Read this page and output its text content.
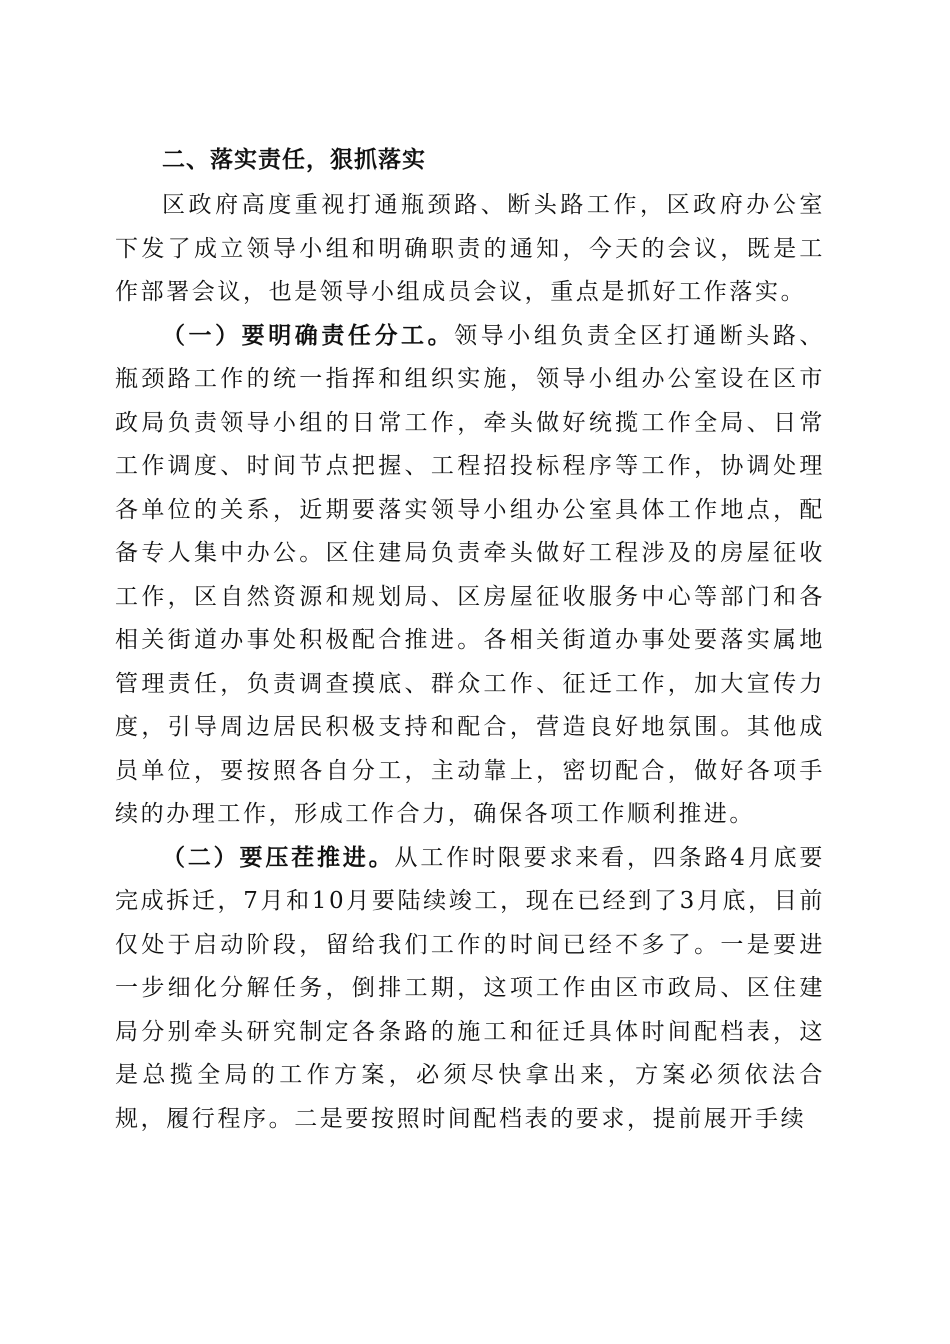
二、落实责任，狠抓落实

区政府高度重视打通瓶颈路、断头路工作，区政府办公室下发了成立领导小组和明确职责的通知，今天的会议，既是工作部署会议，也是领导小组成员会议，重点是抓好工作落实。

（一）要明确责任分工。领导小组负责全区打通断头路、瓶颈路工作的统一指挥和组织实施，领导小组办公室设在区市政局负责领导小组的日常工作，牵头做好统揽工作全局、日常工作调度、时间节点把握、工程招投标程序等工作，协调处理各单位的关系，近期要落实领导小组办公室具体工作地点，配备专人集中办公。区住建局负责牵头做好工程涉及的房屋征收工作，区自然资源和规划局、区房屋征收服务中心等部门和各相关街道办事处积极配合推进。各相关街道办事处要落实属地管理责任，负责调查摸底、群众工作、征迁工作，加大宣传力度，引导周边居民积极支持和配合，营造良好地氛围。其他成员单位，要按照各自分工，主动靠上，密切配合，做好各项手续的办理工作，形成工作合力，确保各项工作顺利推进。

（二）要压茬推进。从工作时限要求来看，四条路4月底要完成拆迁，7月和10月要陆续竣工，现在已经到了3月底，目前仅处于启动阶段，留给我们工作的时间已经不多了。一是要进一步细化分解任务，倒排工期，这项工作由区市政局、区住建局分别牵头研究制定各条路的施工和征迁具体时间配档表，这是总揽全局的工作方案，必须尽快拿出来，方案必须依法合规，履行程序。二是要按照时间配档表的要求，提前展开手续
